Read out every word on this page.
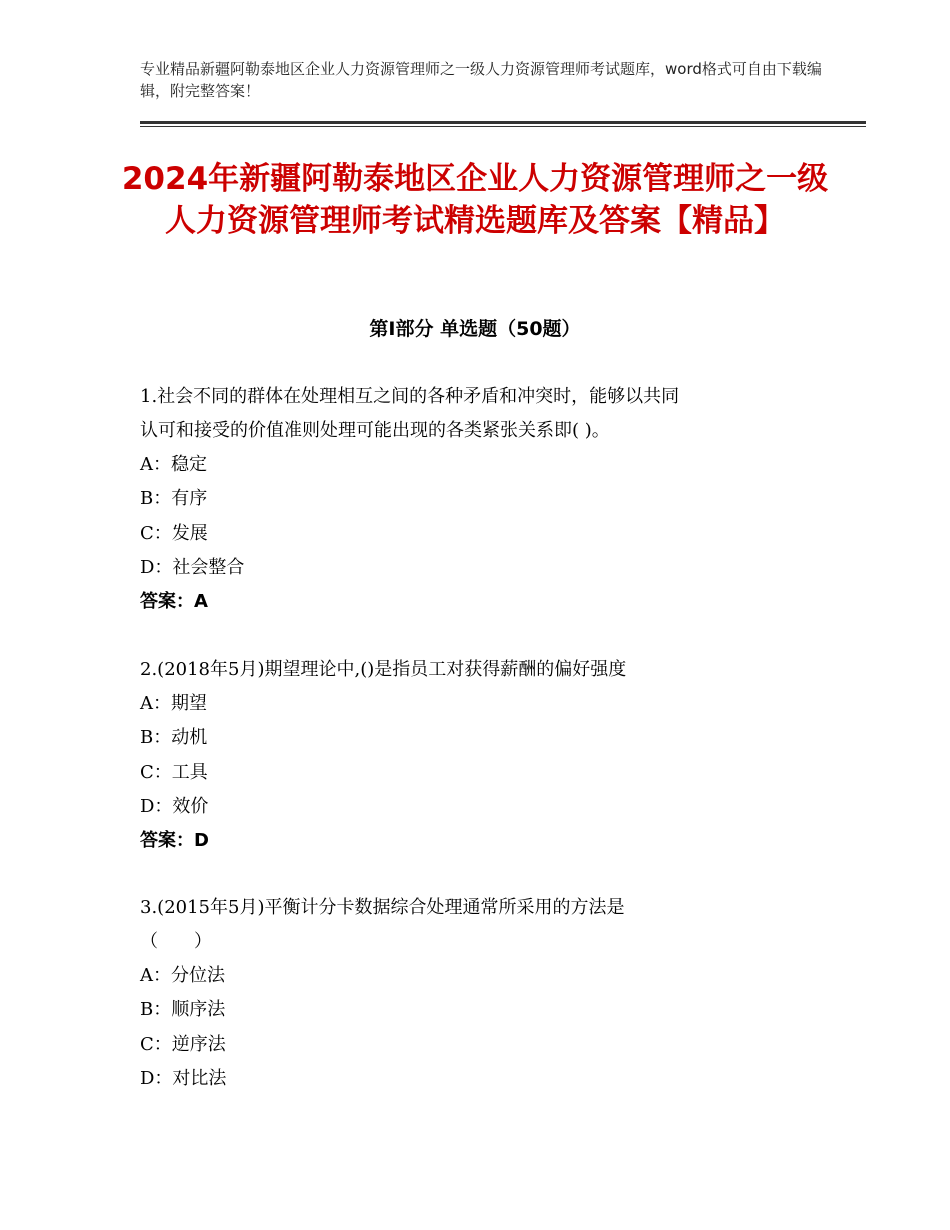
专业精品新疆阿勒泰地区企业人力资源管理师之一级人力资源管理师考试题库，word格式可自由下载编辑，附完整答案！
2024年新疆阿勒泰地区企业人力资源管理师之一级人力资源管理师考试精选题库及答案【精品】
第Ⅰ部分 单选题（50题）

1.社会不同的群体在处理相互之间的各种矛盾和冲突时，能够以共同

认可和接受的价值准则处理可能出现的各类紧张关系即( )。

A：稳定

B：有序

C：发展

D：社会整合

答案：A

2.(2018年5月)期望理论中,()是指员工对获得薪酬的偏好强度

A：期望

B：动机

C：工具

D：效价

答案：D

3.(2015年5月)平衡计分卡数据综合处理通常所采用的方法是

（　　）

A：分位法

B：顺序法

C：逆序法

D：对比法
